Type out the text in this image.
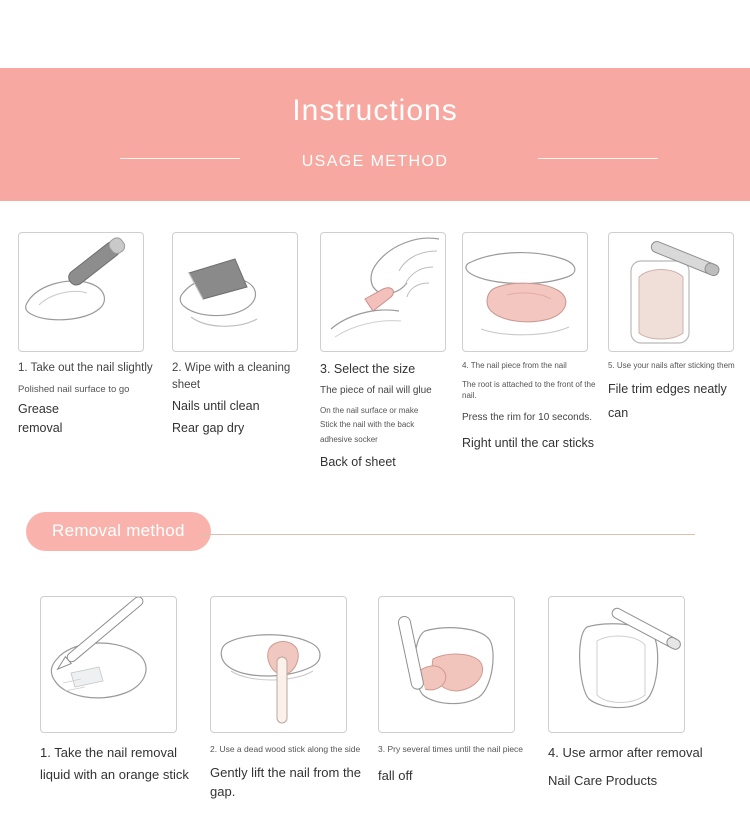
Instructions
USAGE METHOD
1. Take out the nail slightly
Polished nail surface to go
Grease
removal
2. Wipe with a cleaning sheet
Nails until clean
Rear gap dry
3. Select the size
The piece of nail will glue
On the nail surface or make
Stick the nail with the back
adhesive socker
Back of sheet
4. The nail piece from the nail
The root is attached to the front of the nail.
Press the rim for 10 seconds.
Right until the car sticks
5. Use your nails after sticking them
File trim edges neatly
can
Removal method
1. Take the nail removal
liquid with an orange stick
2. Use a dead wood stick along the side
Gently lift the nail from the gap.
3. Pry several times until the nail piece
fall off
4. Use armor after removal
Nail Care Products
